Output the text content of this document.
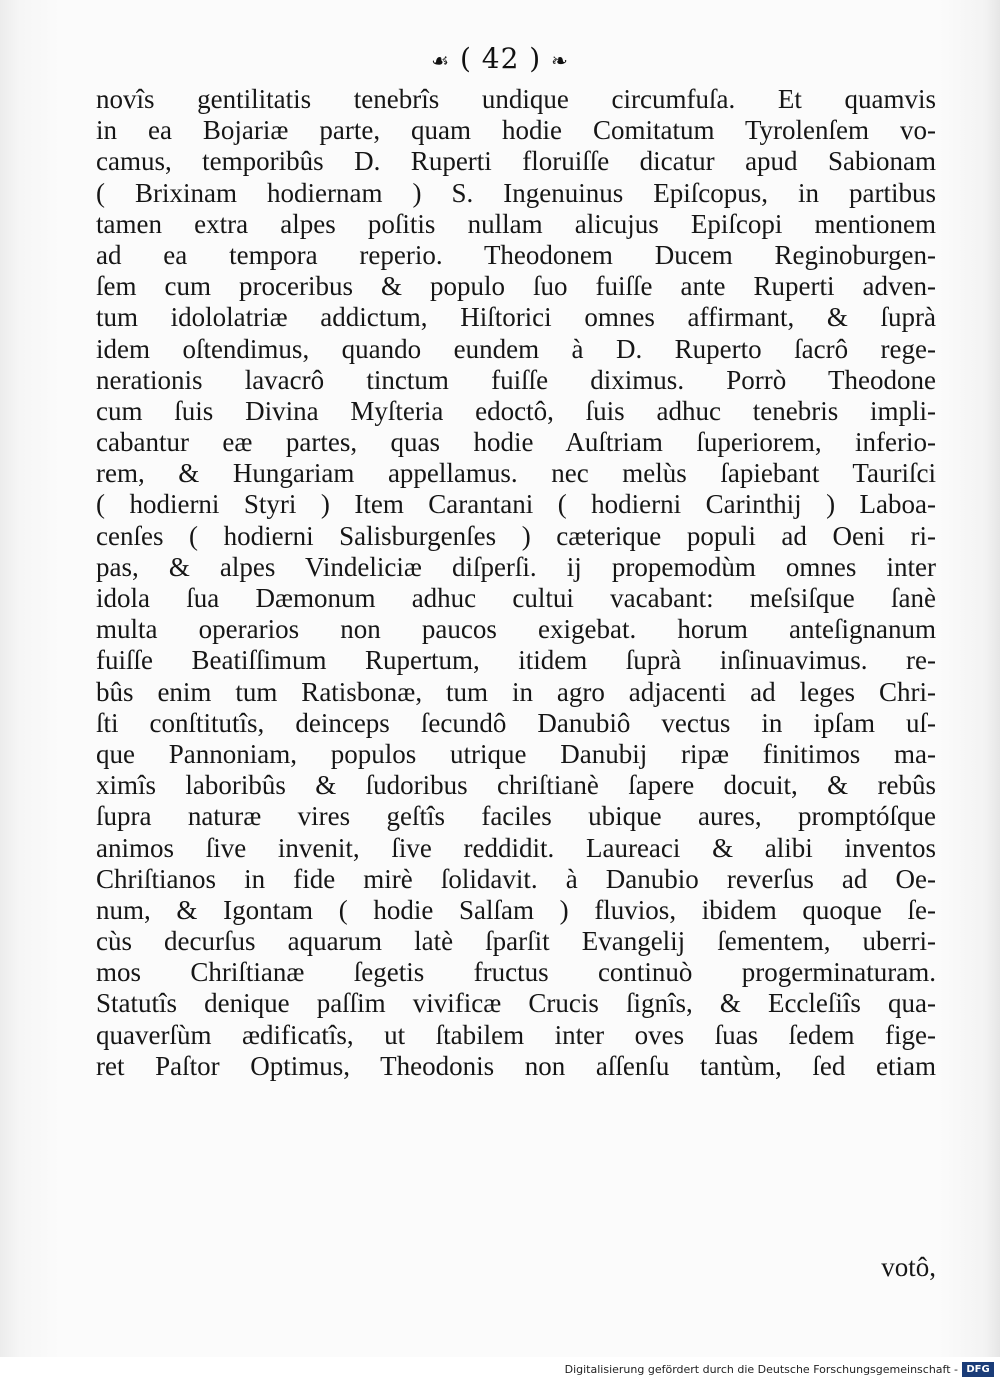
☙ ( 42 ) ❧
novîs gentilitatis tenebrîs undique circumfuſa. Et quamvis
in ea Bojariæ parte, quam hodie Comitatum Tyrolenſem vo-
camus, temporibûs D. Ruperti floruiſſe dicatur apud Sabionam
( Brixinam hodiernam ) S. Ingenuinus Epiſcopus, in partibus
tamen extra alpes poſitis nullam alicujus Epiſcopi mentionem
ad ea tempora reperio. Theodonem Ducem Reginoburgen-
ſem cum proceribus & populo ſuo fuiſſe ante Ruperti adven-
tum idololatriæ addictum, Hiſtorici omnes affirmant, & ſuprà
idem oſtendimus, quando eundem à D. Ruperto ſacrô rege-
nerationis lavacrô tinctum fuiſſe diximus. Porrò Theodone
cum ſuis Divina Myſteria edoctô, ſuis adhuc tenebris impli-
cabantur eæ partes, quas hodie Auſtriam ſuperiorem, inferio-
rem, & Hungariam appellamus. nec melùs ſapiebant Tauriſci
( hodierni Styri ) Item Carantani ( hodierni Carinthij ) Laboa-
cenſes ( hodierni Salisburgenſes ) cæterique populi ad Oeni ri-
pas, & alpes Vindeliciæ diſperſi. ij propemodùm omnes inter
idola ſua Dæmonum adhuc cultui vacabant: meſsiſque ſanè
multa operarios non paucos exigebat. horum anteſignanum
fuiſſe Beatiſſimum Rupertum, itidem ſuprà inſinuavimus. re-
bûs enim tum Ratisbonæ, tum in agro adjacenti ad leges Chri-
ſti conſtitutîs, deinceps ſecundô Danubiô vectus in ipſam uſ-
que Pannoniam, populos utrique Danubij ripæ finitimos ma-
ximîs laboribûs & ſudoribus chriſtianè ſapere docuit, & rebûs
ſupra naturæ vires geſtîs faciles ubique aures, promptóſque
animos ſive invenit, ſive reddidit. Laureaci & alibi inventos
Chriſtianos in fide mirè ſolidavit. à Danubio reverſus ad Oe-
num, & Igontam ( hodie Salſam ) fluvios, ibidem quoque ſe-
cùs decurſus aquarum latè ſparſit Evangelij ſementem, uberri-
mos Chriſtianæ ſegetis fructus continuò progerminaturam.
Statutîs denique paſſim vivificæ Crucis ſignîs, & Eccleſiîs qua-
quaverſùm ædificatîs, ut ſtabilem inter oves ſuas ſedem fige-
ret Paſtor Optimus, Theodonis non aſſenſu tantùm, ſed etiam
votô,
Digitalisierung gefördert durch die Deutsche Forschungsgemeinschaft - DFG
